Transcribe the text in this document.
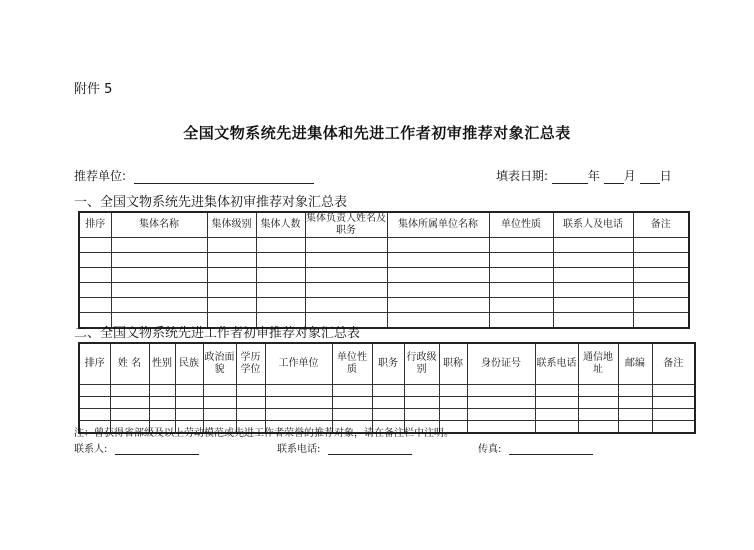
附件 5
全国文物系统先进集体和先进工作者初审推荐对象汇总表
推荐单位:	填表日期:	年 月 日
一、全国文物系统先进集体初审推荐对象汇总表
排序	集体名称	集体级别	集体人数	集体负责人姓名及职务	集体所属单位名称	单位性质	联系人及电话	备注

二、全国文物系统先进工作者初审推荐对象汇总表
排序	姓 名	性别	民族	政治面貌	学历学位	工作单位	单位性质	职务	行政级别	职称	身份证号	联系电话	通信地址	邮编	备注

注：曾获得省部级及以上劳动模范或先进工作者荣誉的推荐对象，请在备注栏中注明。
联系人:	联系电话:	传真:
